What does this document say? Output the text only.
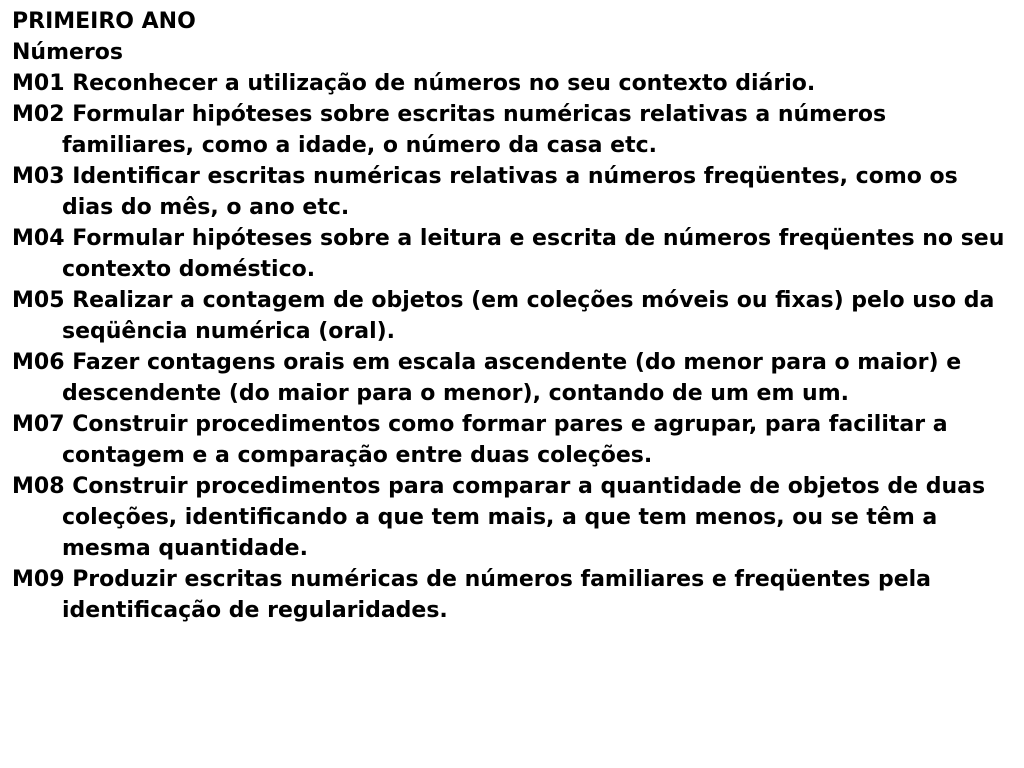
PRIMEIRO ANO
Números
M01 Reconhecer a utilização de números no seu contexto diário.
M02 Formular hipóteses sobre escritas numéricas relativas a números familiares, como a idade, o número da casa etc.
M03 Identificar escritas numéricas relativas a números freqüentes, como os dias do mês, o ano etc.
M04 Formular hipóteses sobre a leitura e escrita de números freqüentes no seu contexto doméstico.
M05 Realizar a contagem de objetos (em coleções móveis ou fixas) pelo uso da seqüência numérica (oral).
M06 Fazer contagens orais em escala ascendente (do menor para o maior) e descendente (do maior para o menor), contando de um em um.
M07 Construir procedimentos como formar pares e agrupar, para facilitar a contagem e a comparação entre duas coleções.
M08 Construir procedimentos para comparar a quantidade de objetos de duas coleções, identificando a que tem mais, a que tem menos, ou se têm a mesma quantidade.
M09 Produzir escritas numéricas de números familiares e freqüentes pela identificação de regularidades.
